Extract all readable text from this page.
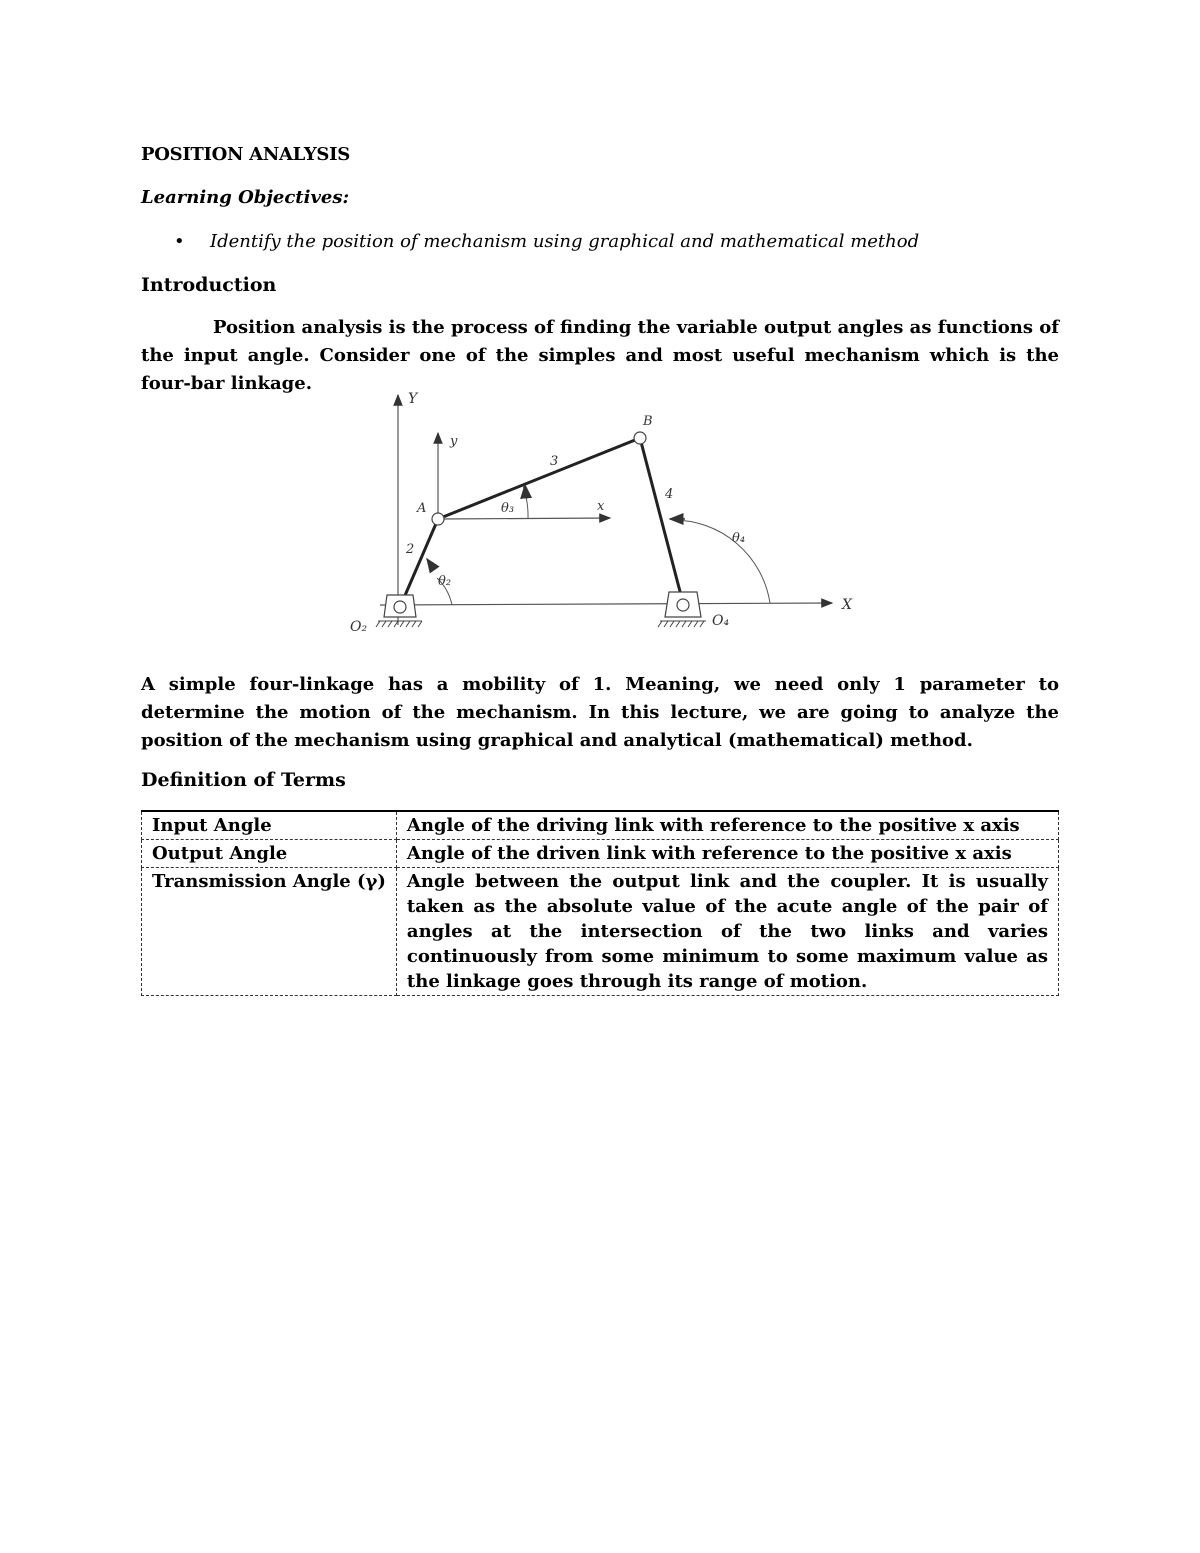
POSITION ANALYSIS
Learning Objectives:
• Identify the position of mechanism using graphical and mathematical method
Introduction
Position analysis is the process of finding the variable output angles as functions of the input angle. Consider one of the simples and most useful mechanism which is the four-bar linkage.
Y
y
X
x
A
B
2
3
4
θ₂
θ₃
θ₄
O₂	O₄
A simple four-linkage has a mobility of 1. Meaning, we need only 1 parameter to determine the motion of the mechanism. In this lecture, we are going to analyze the position of the mechanism using graphical and analytical (mathematical) method.
Definition of Terms
Input Angle	Angle of the driving link with reference to the positive x axis
Output Angle	Angle of the driven link with reference to the positive x axis
Transmission Angle (γ)	Angle between the output link and the coupler. It is usually taken as the absolute value of the acute angle of the pair of angles at the intersection of the two links and varies continuously from some minimum to some maximum value as the linkage goes through its range of motion.
